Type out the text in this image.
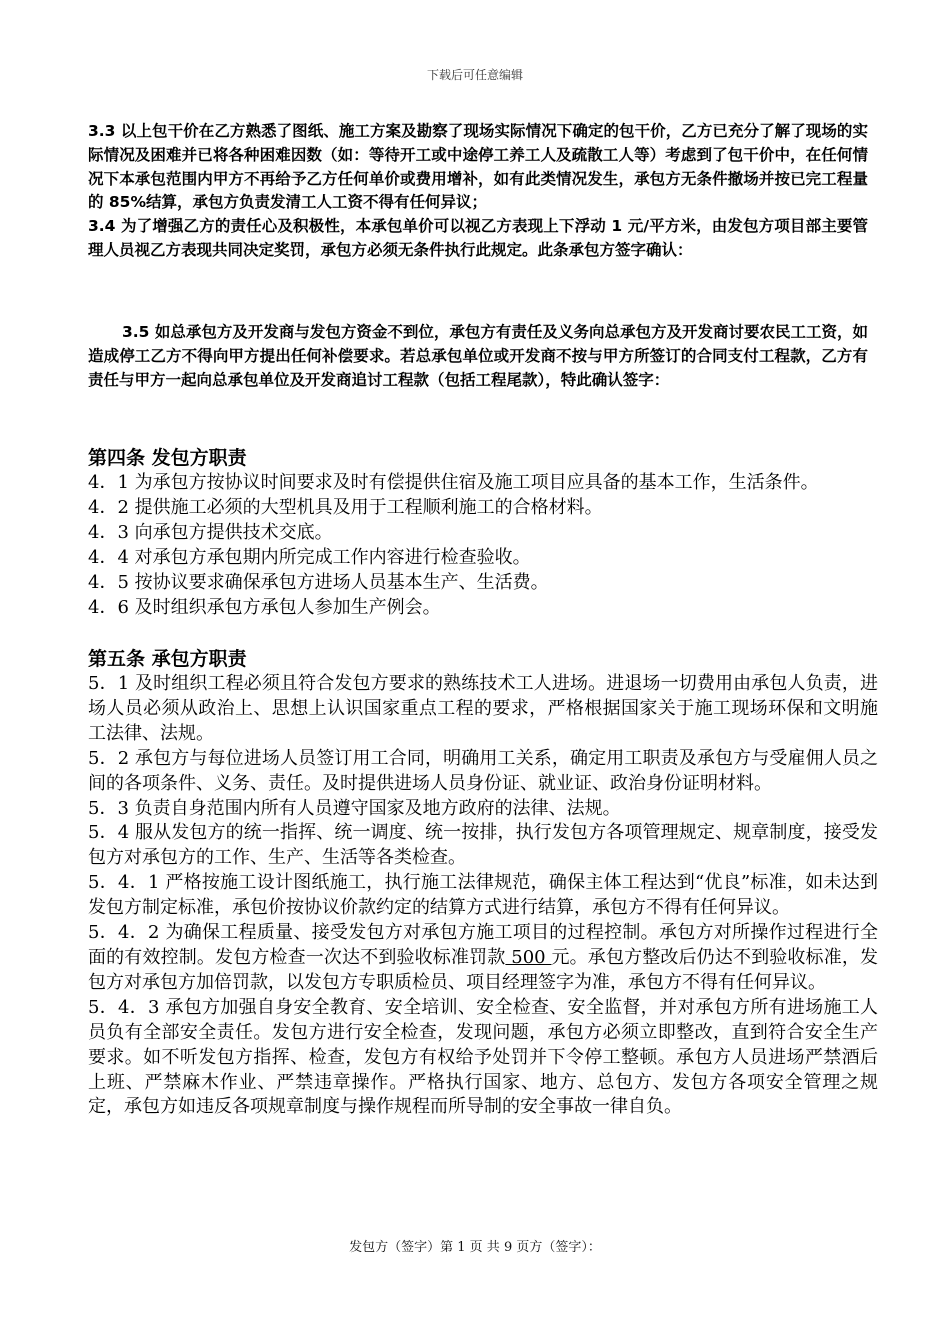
下载后可任意编辑

3.3 以上包干价在乙方熟悉了图纸、施工方案及勘察了现场实际情况下确定的包干价，乙方已充分了解了现场的实际情况及困难并已将各种困难因数（如：等待开工或中途停工养工人及疏散工人等）考虑到了包干价中，在任何情况下本承包范围内甲方不再给予乙方任何单价或费用增补，如有此类情况发生，承包方无条件撤场并按已完工程量的 85%结算，承包方负责发清工人工资不得有任何异议；

3.4 为了增强乙方的责任心及积极性，本承包单价可以视乙方表现上下浮动 1 元/平方米，由发包方项目部主要管理人员视乙方表现共同决定奖罚，承包方必须无条件执行此规定。此条承包方签字确认：

3.5 如总承包方及开发商与发包方资金不到位，承包方有责任及义务向总承包方及开发商讨要农民工工资，如造成停工乙方不得向甲方提出任何补偿要求。若总承包单位或开发商不按与甲方所签订的合同支付工程款，乙方有责任与甲方一起向总承包单位及开发商追讨工程款（包括工程尾款），特此确认签字：

第四条 发包方职责

4．1 为承包方按协议时间要求及时有偿提供住宿及施工项目应具备的基本工作，生活条件。

4．2 提供施工必须的大型机具及用于工程顺利施工的合格材料。

4．3 向承包方提供技术交底。

4．4 对承包方承包期内所完成工作内容进行检查验收。

4．5 按协议要求确保承包方进场人员基本生产、生活费。

4．6 及时组织承包方承包人参加生产例会。

第五条 承包方职责

5．1 及时组织工程必须且符合发包方要求的熟练技术工人进场。进退场一切费用由承包人负责，进场人员必须从政治上、思想上认识国家重点工程的要求，严格根据国家关于施工现场环保和文明施工法律、法规。

5．2 承包方与每位进场人员签订用工合同，明确用工关系，确定用工职责及承包方与受雇佣人员之间的各项条件、义务、责任。及时提供进场人员身份证、就业证、政治身份证明材料。

5．3 负责自身范围内所有人员遵守国家及地方政府的法律、法规。

5．4 服从发包方的统一指挥、统一调度、统一按排，执行发包方各项管理规定、规章制度，接受发包方对承包方的工作、生产、生活等各类检查。

5．4．1 严格按施工设计图纸施工，执行施工法律规范，确保主体工程达到“优良”标准，如未达到发包方制定标准，承包价按协议价款约定的结算方式进行结算，承包方不得有任何异议。

5．4．2 为确保工程质量、接受发包方对承包方施工项目的过程控制。承包方对所操作过程进行全面的有效控制。发包方检查一次达不到验收标准罚款 500 元。承包方整改后仍达不到验收标准，发包方对承包方加倍罚款，以发包方专职质检员、项目经理签字为准，承包方不得有任何异议。

5．4．3 承包方加强自身安全教育、安全培训、安全检查、安全监督，并对承包方所有进场施工人员负有全部安全责任。发包方进行安全检查，发现问题，承包方必须立即整改，直到符合安全生产要求。如不听发包方指挥、检查，发包方有权给予处罚并下令停工整顿。承包方人员进场严禁酒后上班、严禁麻木作业、严禁违章操作。严格执行国家、地方、总包方、发包方各项安全管理之规定，承包方如违反各项规章制度与操作规程而所导制的安全事故一律自负。

发包方（签字）第 1 页 共 9 页方（签字）：
